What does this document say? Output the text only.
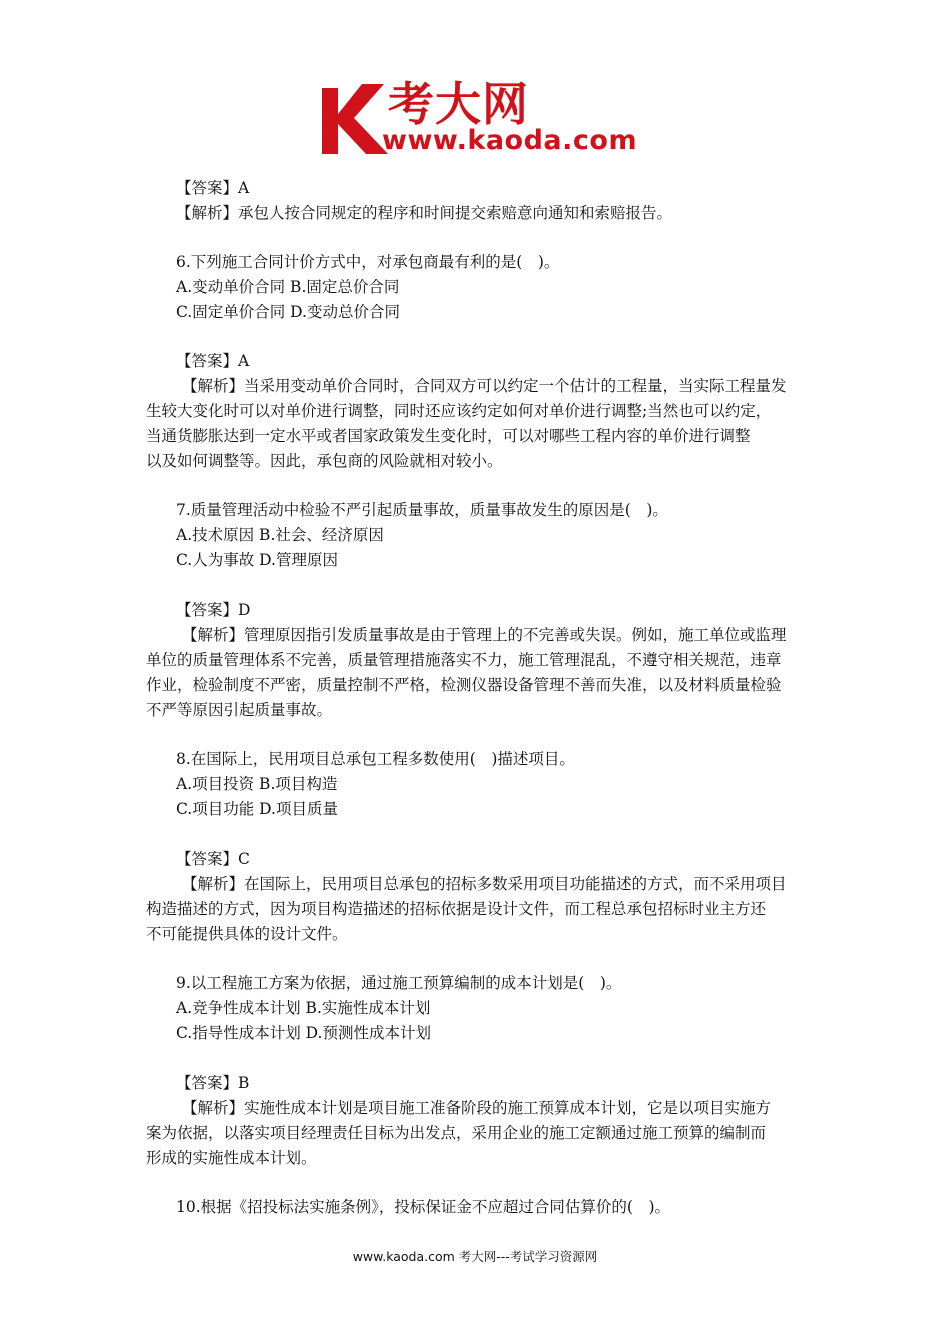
考大网
www.kaoda.com
【答案】A
【解析】承包人按合同规定的程序和时间提交索赔意向通知和索赔报告。
6.下列施工合同计价方式中，对承包商最有利的是(　)。
A.变动单价合同 B.固定总价合同
C.固定单价合同 D.变动总价合同
【答案】A
【解析】当采用变动单价合同时，合同双方可以约定一个估计的工程量，当实际工程量发
生较大变化时可以对单价进行调整，同时还应该约定如何对单价进行调整;当然也可以约定，
当通货膨胀达到一定水平或者国家政策发生变化时，可以对哪些工程内容的单价进行调整
以及如何调整等。因此，承包商的风险就相对较小。
7.质量管理活动中检验不严引起质量事故，质量事故发生的原因是(　)。
A.技术原因 B.社会、经济原因
C.人为事故 D.管理原因
【答案】D
【解析】管理原因指引发质量事故是由于管理上的不完善或失误。例如，施工单位或监理
单位的质量管理体系不完善，质量管理措施落实不力，施工管理混乱，不遵守相关规范，违章
作业，检验制度不严密，质量控制不严格，检测仪器设备管理不善而失准，以及材料质量检验
不严等原因引起质量事故。
8.在国际上，民用项目总承包工程多数使用(　)描述项目。
A.项目投资 B.项目构造
C.项目功能 D.项目质量
【答案】C
【解析】在国际上，民用项目总承包的招标多数采用项目功能描述的方式，而不采用项目
构造描述的方式，因为项目构造描述的招标依据是设计文件，而工程总承包招标时业主方还
不可能提供具体的设计文件。
9.以工程施工方案为依据，通过施工预算编制的成本计划是(　)。
A.竞争性成本计划 B.实施性成本计划
C.指导性成本计划 D.预测性成本计划
【答案】B
【解析】实施性成本计划是项目施工准备阶段的施工预算成本计划，它是以项目实施方
案为依据，以落实项目经理责任目标为出发点，采用企业的施工定额通过施工预算的编制而
形成的实施性成本计划。
10.根据《招投标法实施条例》，投标保证金不应超过合同估算价的(　)。
www.kaoda.com 考大网---考试学习资源网
